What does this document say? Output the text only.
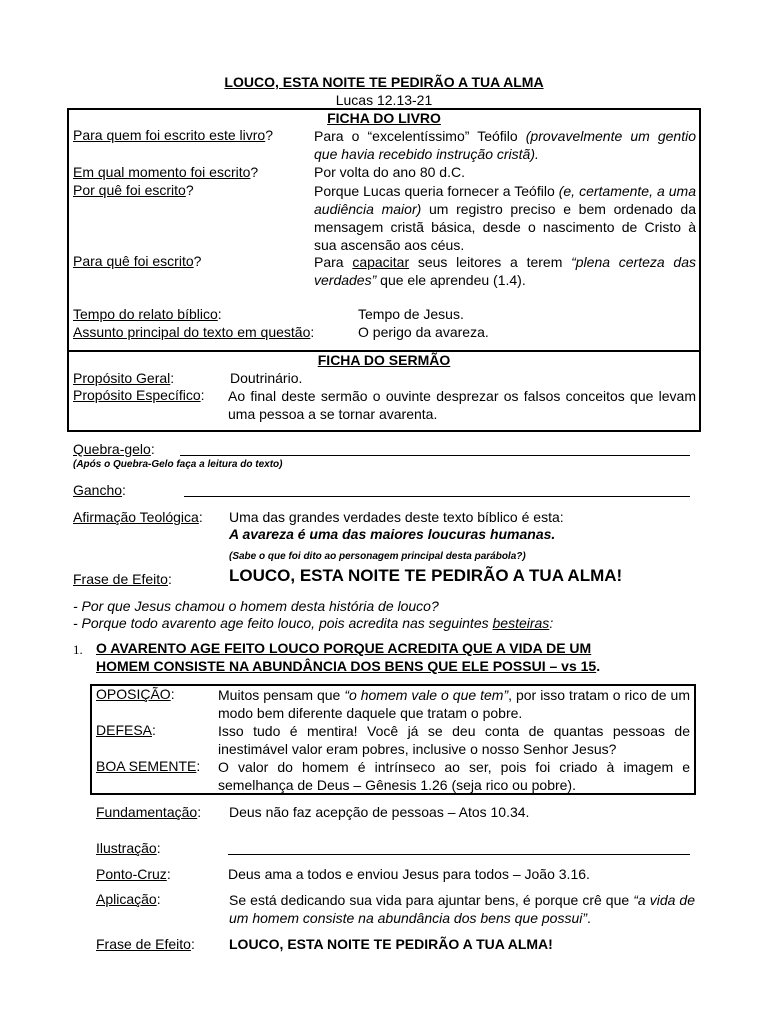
LOUCO, ESTA NOITE TE PEDIRÃO A TUA ALMA
Lucas 12.13-21
FICHA DO LIVRO
Para quem foi escrito este livro?	Para o “excelentíssimo” Teófilo (provavelmente um gentio que havia recebido instrução cristã).
Em qual momento foi escrito?	Por volta do ano 80 d.C.
Por quê foi escrito?	Porque Lucas queria fornecer a Teófilo (e, certamente, a uma audiência maior) um registro preciso e bem ordenado da mensagem cristã básica, desde o nascimento de Cristo à sua ascensão aos céus.
Para quê foi escrito?	Para capacitar seus leitores a terem “plena certeza das verdades” que ele aprendeu (1.4).
Tempo do relato bíblico:	Tempo de Jesus.
Assunto principal do texto em questão:	O perigo da avareza.
FICHA DO SERMÃO
Propósito Geral:	Doutrinário.
Propósito Específico: Ao final deste sermão o ouvinte desprezar os falsos conceitos que levam uma pessoa a se tornar avarenta.
Quebra-gelo:
(Após o Quebra-Gelo faça a leitura do texto)
Gancho:
Afirmação Teológica: Uma das grandes verdades deste texto bíblico é esta:
A avareza é uma das maiores loucuras humanas.
(Sabe o que foi dito ao personagem principal desta parábola?)
Frase de Efeito:	LOUCO, ESTA NOITE TE PEDIRÃO A TUA ALMA!
- Por que Jesus chamou o homem desta história de louco?
- Porque todo avarento age feito louco, pois acredita nas seguintes besteiras:
1. O AVARENTO AGE FEITO LOUCO PORQUE ACREDITA QUE A VIDA DE UM
HOMEM CONSISTE NA ABUNDÂNCIA DOS BENS QUE ELE POSSUI – vs 15.
OPOSIÇÃO:	Muitos pensam que “o homem vale o que tem”, por isso tratam o rico de um modo bem diferente daquele que tratam o pobre.
DEFESA:	Isso tudo é mentira! Você já se deu conta de quantas pessoas de inestimável valor eram pobres, inclusive o nosso Senhor Jesus?
BOA SEMENTE: O valor do homem é intrínseco ao ser, pois foi criado à imagem e semelhança de Deus – Gênesis 1.26 (seja rico ou pobre).
Fundamentação: Deus não faz acepção de pessoas – Atos 10.34.
Ilustração:
Ponto-Cruz:	Deus ama a todos e enviou Jesus para todos – João 3.16.
Aplicação:	Se está dedicando sua vida para ajuntar bens, é porque crê que “a vida de um homem consiste na abundância dos bens que possui”.
Frase de Efeito: LOUCO, ESTA NOITE TE PEDIRÃO A TUA ALMA!
